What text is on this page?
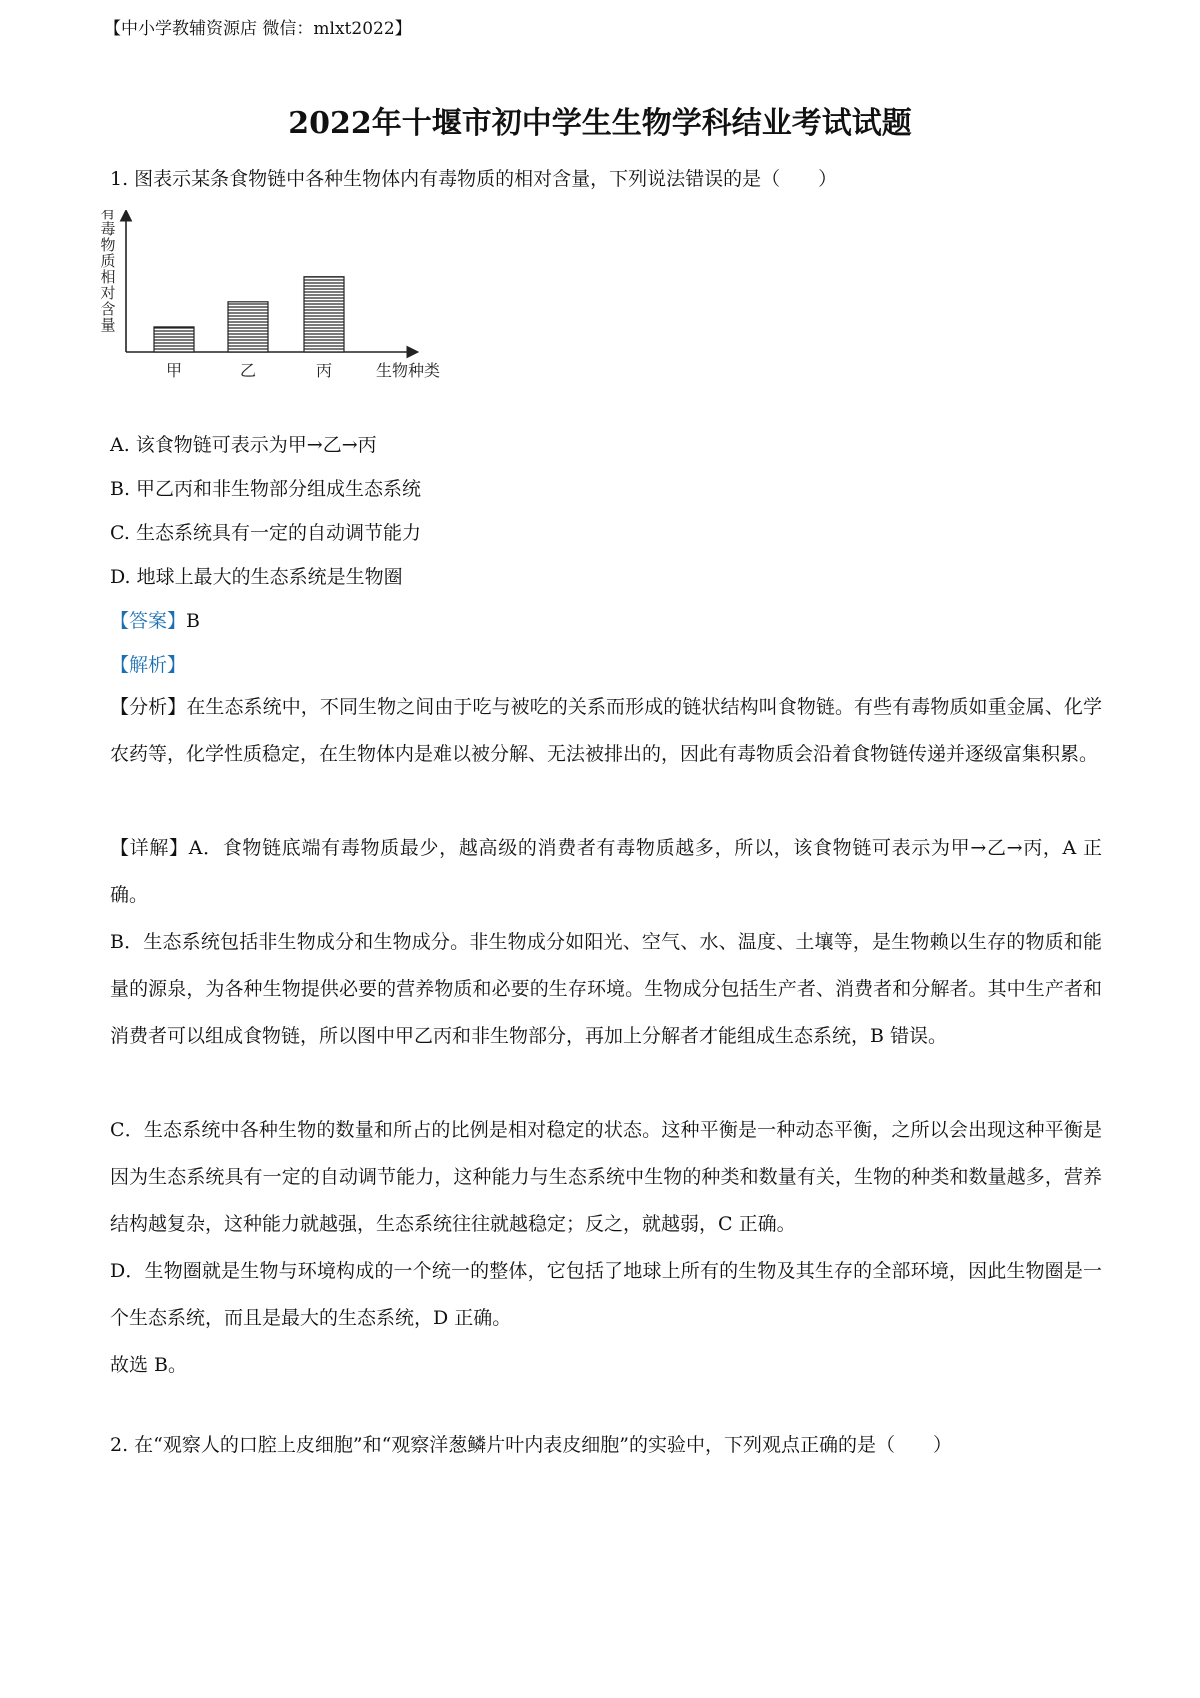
【中小学教辅资源店 微信：mlxt2022】
2022年十堰市初中学生生物学科结业考试试题
1. 图表示某条食物链中各种生物体内有毒物质的相对含量，下列说法错误的是（　　）
有
毒
物
质
相
对
含
量
甲	乙	丙	生物种类
A. 该食物链可表示为甲→乙→丙
B. 甲乙丙和非生物部分组成生态系统
C. 生态系统具有一定的自动调节能力
D. 地球上最大的生态系统是生物圈
【答案】B
【解析】
【分析】在生态系统中，不同生物之间由于吃与被吃的关系而形成的链状结构叫食物链。有些有毒物质如重金属、化学农药等，化学性质稳定，在生物体内是难以被分解、无法被排出的，因此有毒物质会沿着食物链传递并逐级富集积累。
【详解】A．食物链底端有毒物质最少，越高级的消费者有毒物质越多，所以，该食物链可表示为甲→乙→丙，A 正确。
B．生态系统包括非生物成分和生物成分。非生物成分如阳光、空气、水、温度、土壤等，是生物赖以生存的物质和能量的源泉，为各种生物提供必要的营养物质和必要的生存环境。生物成分包括生产者、消费者和分解者。其中生产者和消费者可以组成食物链，所以图中甲乙丙和非生物部分，再加上分解者才能组成生态系统，B 错误。
C．生态系统中各种生物的数量和所占的比例是相对稳定的状态。这种平衡是一种动态平衡，之所以会出现这种平衡是因为生态系统具有一定的自动调节能力，这种能力与生态系统中生物的种类和数量有关，生物的种类和数量越多，营养结构越复杂，这种能力就越强，生态系统往往就越稳定；反之，就越弱，C 正确。
D．生物圈就是生物与环境构成的一个统一的整体，它包括了地球上所有的生物及其生存的全部环境，因此生物圈是一个生态系统，而且是最大的生态系统，D 正确。
故选 B。
2. 在“观察人的口腔上皮细胞”和“观察洋葱鳞片叶内表皮细胞”的实验中，下列观点正确的是（　　）
